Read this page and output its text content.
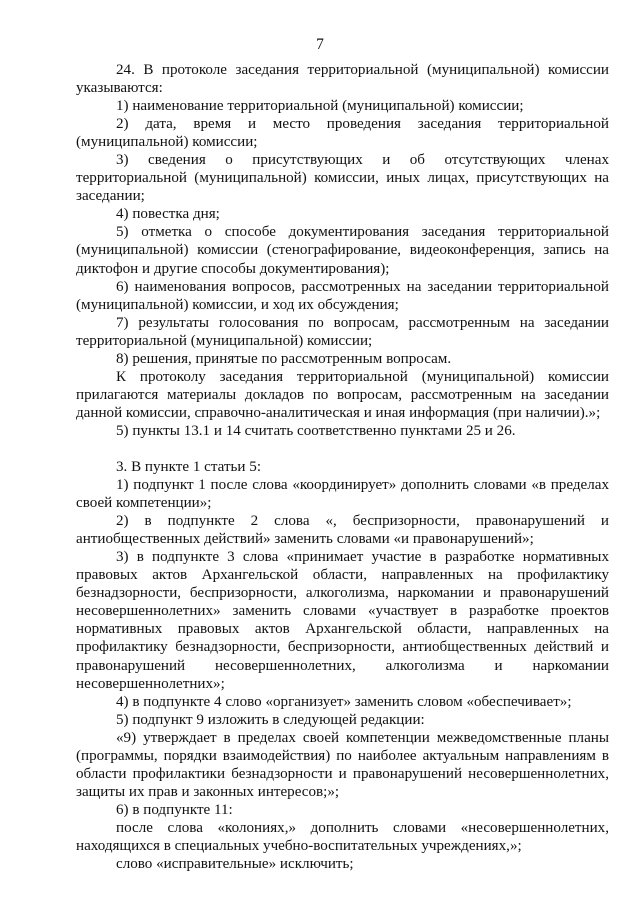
7

24. В протоколе заседания территориальной (муниципальной) комиссии указываются:

1) наименование территориальной (муниципальной) комиссии;

2) дата, время и место проведения заседания территориальной (муниципальной) комиссии;

3) сведения о присутствующих и об отсутствующих членах территориальной (муниципальной) комиссии, иных лицах, присутствующих на заседании;

4) повестка дня;

5) отметка о способе документирования заседания территориальной (муниципальной) комиссии (стенографирование, видеоконференция, запись на диктофон и другие способы документирования);

6) наименования вопросов, рассмотренных на заседании территориальной (муниципальной) комиссии, и ход их обсуждения;

7) результаты голосования по вопросам, рассмотренным на заседании территориальной (муниципальной) комиссии;

8) решения, принятые по рассмотренным вопросам.

К протоколу заседания территориальной (муниципальной) комиссии прилагаются материалы докладов по вопросам, рассмотренным на заседании данной комиссии, справочно-аналитическая и иная информация (при наличии).»;

5) пункты 13.1 и 14 считать соответственно пунктами 25 и 26.

3. В пункте 1 статьи 5:

1) подпункт 1 после слова «координирует» дополнить словами «в пределах своей компетенции»;

2) в подпункте 2 слова «, беспризорности, правонарушений и антиобщественных действий» заменить словами «и правонарушений»;

3) в подпункте 3 слова «принимает участие в разработке нормативных правовых актов Архангельской области, направленных на профилактику безнадзорности, беспризорности, алкоголизма, наркомании и правонарушений несовершеннолетних» заменить словами «участвует в разработке проектов нормативных правовых актов Архангельской области, направленных на профилактику безнадзорности, беспризорности, антиобщественных действий и правонарушений несовершеннолетних, алкоголизма и наркомании несовершеннолетних»;

4) в подпункте 4 слово «организует» заменить словом «обеспечивает»;

5) подпункт 9 изложить в следующей редакции:

«9) утверждает в пределах своей компетенции межведомственные планы (программы, порядки взаимодействия) по наиболее актуальным направлениям в области профилактики безнадзорности и правонарушений несовершеннолетних, защиты их прав и законных интересов;»;

6) в подпункте 11:

после слова «колониях,» дополнить словами «несовершеннолетних, находящихся в специальных учебно-воспитательных учреждениях,»;

слово «исправительные» исключить;
